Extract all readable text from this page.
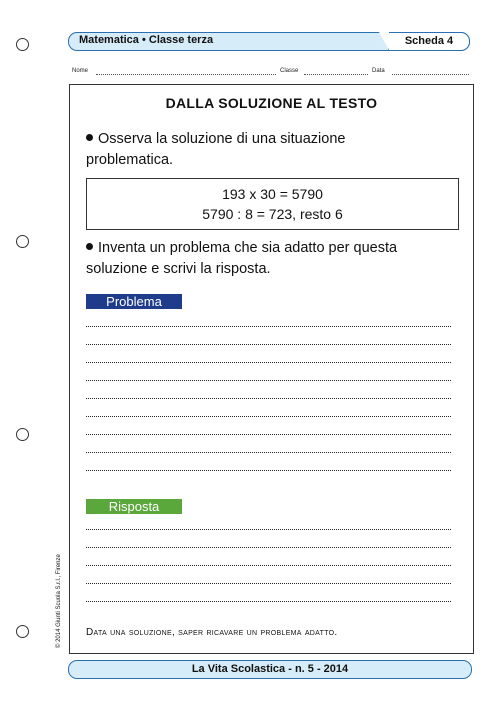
Matematica • Classe terza	Scheda 4
Nome	Classe	Data
DALLA SOLUZIONE AL TESTO
Osserva la soluzione di una situazione
problematica.
193 x 30 = 5790
5790 : 8 = 723, resto 6
Inventa un problema che sia adatto per questa
soluzione e scrivi la risposta.
Problema
Risposta
Data una soluzione, saper ricavare un problema adatto.
© 2014 Giunti Scuola S.r.l., Firenze
La Vita Scolastica - n. 5 - 2014
